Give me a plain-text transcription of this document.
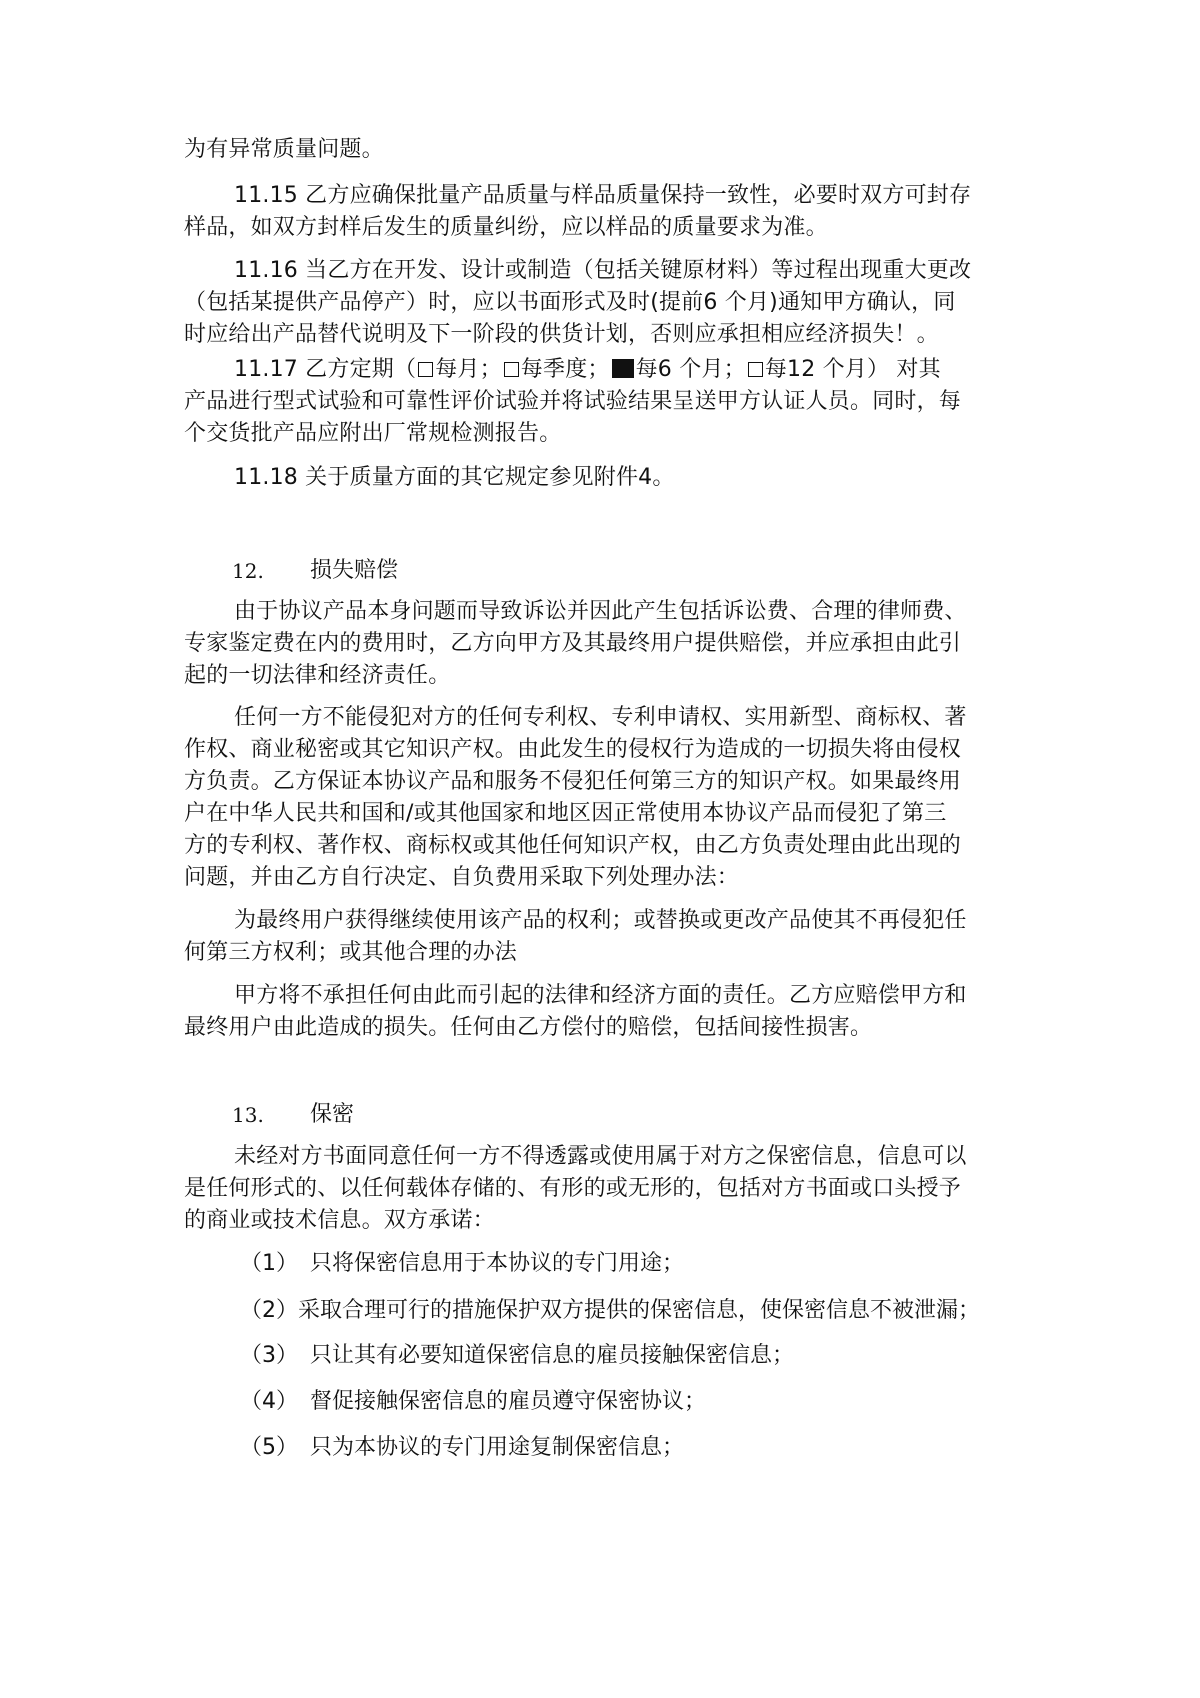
为有异常质量问题。
11.15 乙方应确保批量产品质量与样品质量保持一致性，必要时双方可封存
样品，如双方封样后发生的质量纠纷，应以样品的质量要求为准。
11.16 当乙方在开发、设计或制造（包括关键原材料）等过程出现重大更改
（包括某提供产品停产）时，应以书面形式及时(提前6 个月)通知甲方确认，同
时应给出产品替代说明及下一阶段的供货计划，否则应承担相应经济损失！。
11.17 乙方定期（ 每月； 每季度； 每6 个月； 每12 个月） 对其
产品进行型式试验和可靠性评价试验并将试验结果呈送甲方认证人员。同时，每
个交货批产品应附出厂常规检测报告。
11.18 关于质量方面的其它规定参见附件4。
12. 损失赔偿
由于协议产品本身问题而导致诉讼并因此产生包括诉讼费、合理的律师费、
专家鉴定费在内的费用时，乙方向甲方及其最终用户提供赔偿，并应承担由此引
起的一切法律和经济责任。
任何一方不能侵犯对方的任何专利权、专利申请权、实用新型、商标权、著
作权、商业秘密或其它知识产权。由此发生的侵权行为造成的一切损失将由侵权
方负责。乙方保证本协议产品和服务不侵犯任何第三方的知识产权。如果最终用
户在中华人民共和国和/或其他国家和地区因正常使用本协议产品而侵犯了第三
方的专利权、著作权、商标权或其他任何知识产权，由乙方负责处理由此出现的
问题，并由乙方自行决定、自负费用采取下列处理办法：
为最终用户获得继续使用该产品的权利；或替换或更改产品使其不再侵犯任
何第三方权利；或其他合理的办法
甲方将不承担任何由此而引起的法律和经济方面的责任。乙方应赔偿甲方和
最终用户由此造成的损失。任何由乙方偿付的赔偿，包括间接性损害。
13. 保密
未经对方书面同意任何一方不得透露或使用属于对方之保密信息，信息可以
是任何形式的、以任何载体存储的、有形的或无形的，包括对方书面或口头授予
的商业或技术信息。双方承诺：
（1） 只将保密信息用于本协议的专门用途；
（2）采取合理可行的措施保护双方提供的保密信息，使保密信息不被泄漏；
（3） 只让其有必要知道保密信息的雇员接触保密信息；
（4） 督促接触保密信息的雇员遵守保密协议；
（5） 只为本协议的专门用途复制保密信息；
